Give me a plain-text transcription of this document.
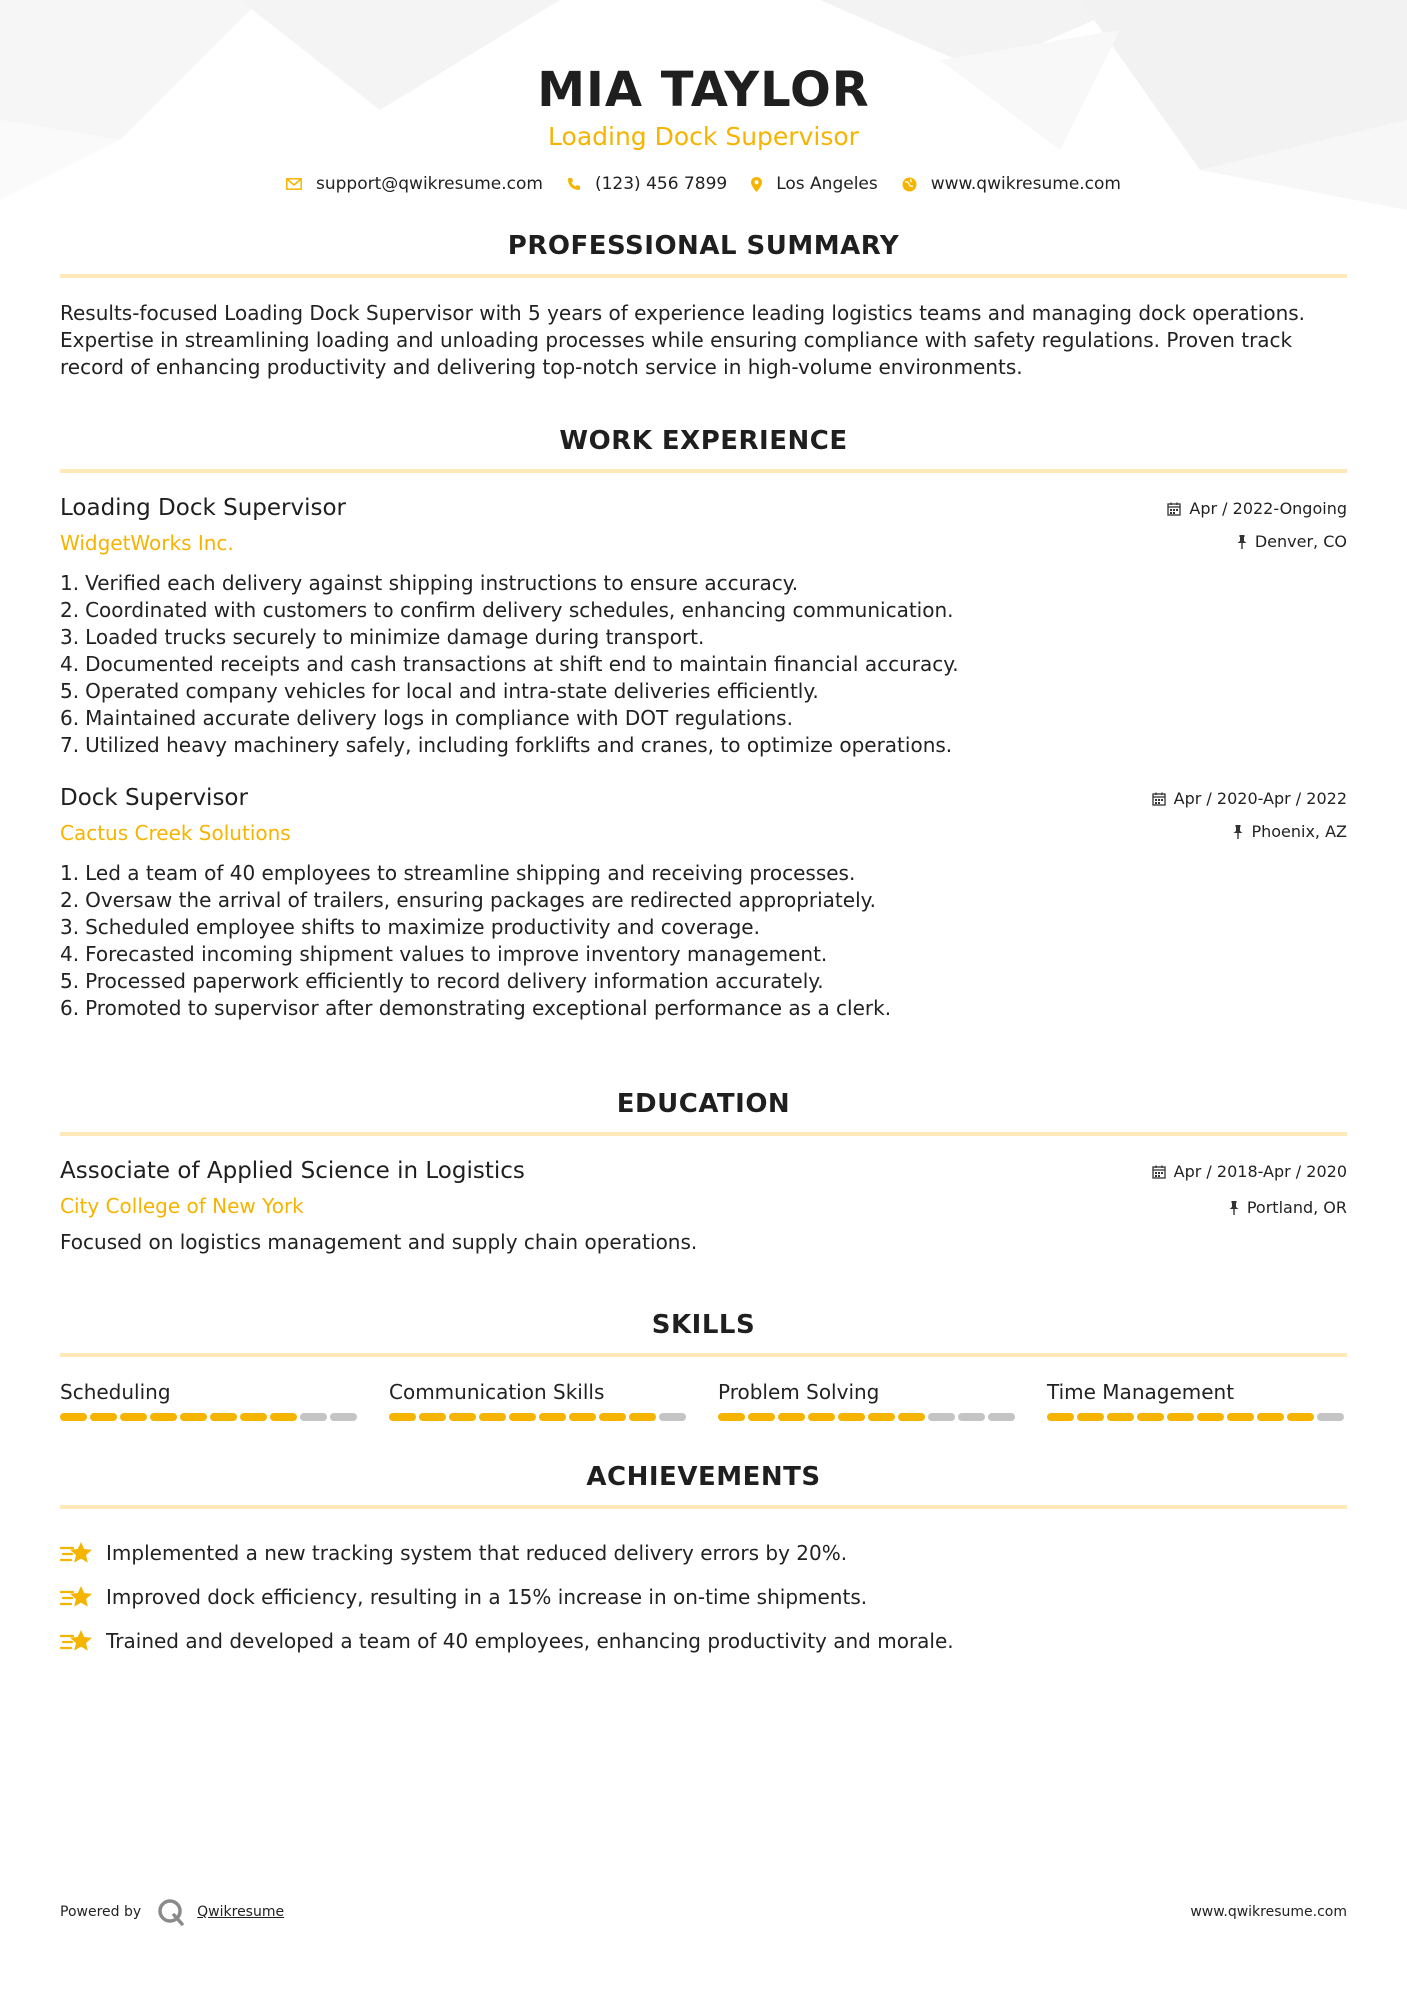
MIA TAYLOR
Loading Dock Supervisor
support@qwikresume.com	(123) 456 7899	Los Angeles	www.qwikresume.com
PROFESSIONAL SUMMARY
Results-focused Loading Dock Supervisor with 5 years of experience leading logistics teams and managing dock operations. Expertise in streamlining loading and unloading processes while ensuring compliance with safety regulations. Proven track record of enhancing productivity and delivering top-notch service in high-volume environments.
WORK EXPERIENCE
Loading Dock Supervisor
WidgetWorks Inc.
Apr / 2022-Ongoing
Denver, CO
1. Verified each delivery against shipping instructions to ensure accuracy.
2. Coordinated with customers to confirm delivery schedules, enhancing communication.
3. Loaded trucks securely to minimize damage during transport.
4. Documented receipts and cash transactions at shift end to maintain financial accuracy.
5. Operated company vehicles for local and intra-state deliveries efficiently.
6. Maintained accurate delivery logs in compliance with DOT regulations.
7. Utilized heavy machinery safely, including forklifts and cranes, to optimize operations.
Dock Supervisor
Cactus Creek Solutions
Apr / 2020-Apr / 2022
Phoenix, AZ
1. Led a team of 40 employees to streamline shipping and receiving processes.
2. Oversaw the arrival of trailers, ensuring packages are redirected appropriately.
3. Scheduled employee shifts to maximize productivity and coverage.
4. Forecasted incoming shipment values to improve inventory management.
5. Processed paperwork efficiently to record delivery information accurately.
6. Promoted to supervisor after demonstrating exceptional performance as a clerk.
EDUCATION
Associate of Applied Science in Logistics
City College of New York
Apr / 2018-Apr / 2020
Portland, OR
Focused on logistics management and supply chain operations.
SKILLS
Scheduling	Communication Skills	Problem Solving	Time Management
ACHIEVEMENTS
Implemented a new tracking system that reduced delivery errors by 20%.
Improved dock efficiency, resulting in a 15% increase in on-time shipments.
Trained and developed a team of 40 employees, enhancing productivity and morale.
Powered by	Qwikresume	www.qwikresume.com
